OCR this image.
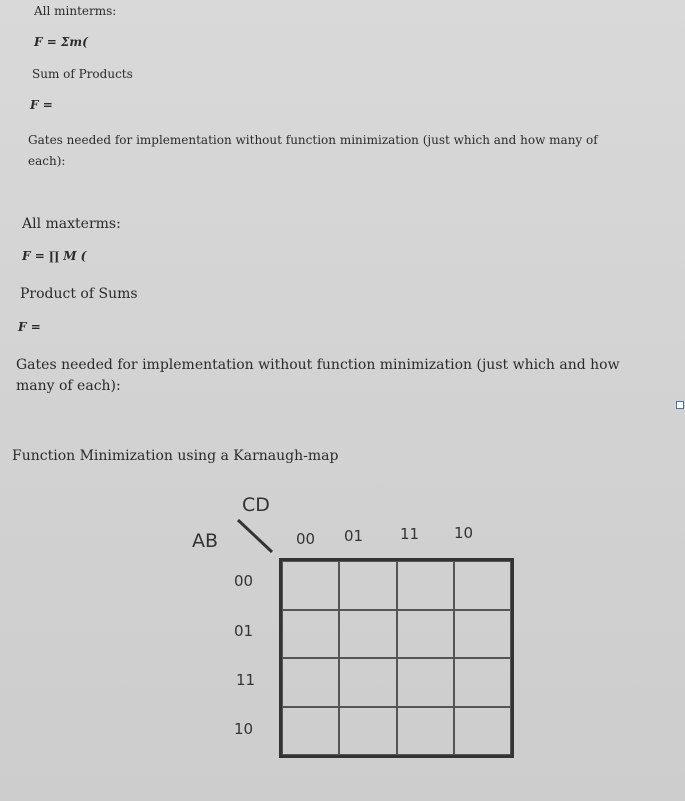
All minterms:
F = Σm(
Sum of Products
F =
Gates needed for implementation without function minimization (just which and how many of each):
All maxterms:
F = ∏ M (
Product of Sums
F =
Gates needed for implementation without function minimization (just which and how many of each):
Function Minimization using a Karnaugh-map
CD
AB	00 01 11 10
00
01
11
10
